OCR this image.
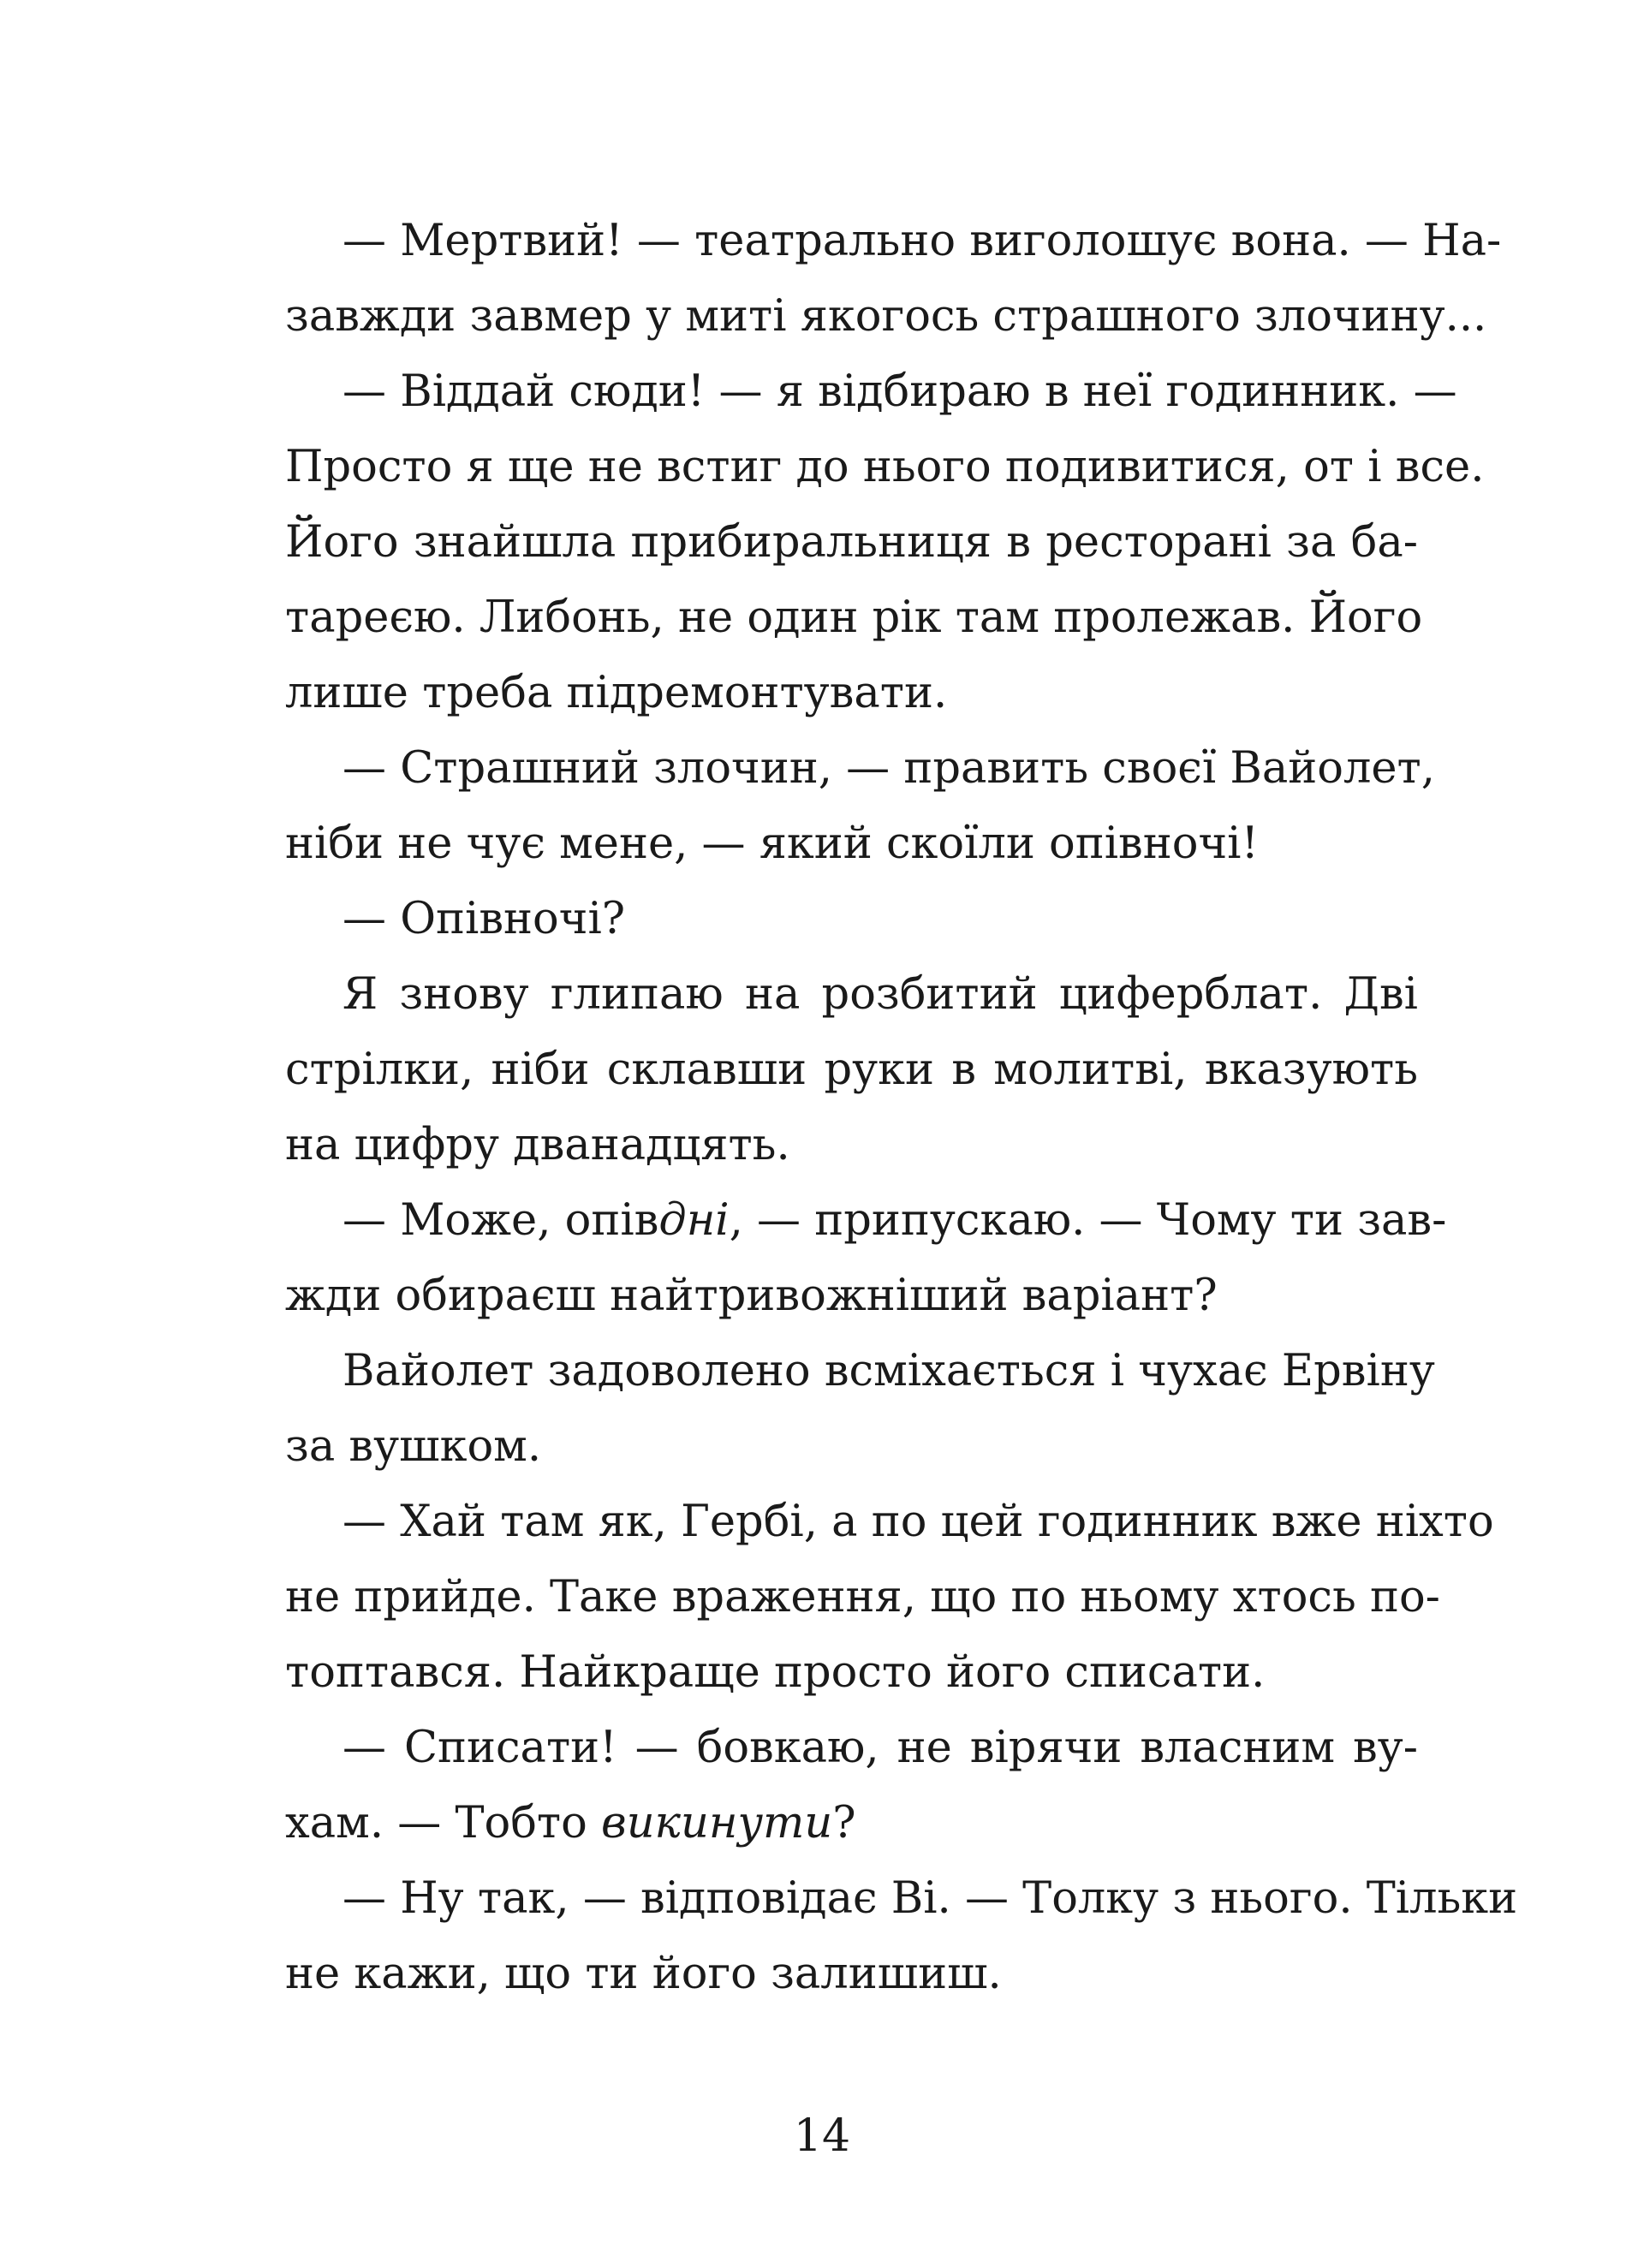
— Мертвий! — театрально виголошує вона. — На-
завжди завмер у миті якогось страшного злочину...
— Віддай сюди! — я відбираю в неї годинник. —
Просто я ще не встиг до нього подивитися, от і все.
Його знайшла прибиральниця в ресторані за ба-
тареєю. Либонь, не один рік там пролежав. Його
лише треба підремонтувати.
— Страшний злочин, — править своєї Вайолет,
ніби не чує мене, — який скоїли опівночі!
— Опівночі?
Я знову глипаю на розбитий циферблат. Дві
стрілки, ніби склавши руки в молитві, вказують
на цифру дванадцять.
— Може, опівдні, — припускаю. — Чому ти зав-
жди обираєш найтривожніший варіант?
Вайолет задоволено всміхається і чухає Ервіну
за вушком.
— Хай там як, Гербі, а по цей годинник вже ніхто
не прийде. Таке враження, що по ньому хтось по-
топтався. Найкраще просто його списати.
— Списати! — бовкаю, не вірячи власним ву-
хам. — Тобто викинути?
— Ну так, — відповідає Ві. — Толку з нього. Тільки
не кажи, що ти його залишиш.
14
